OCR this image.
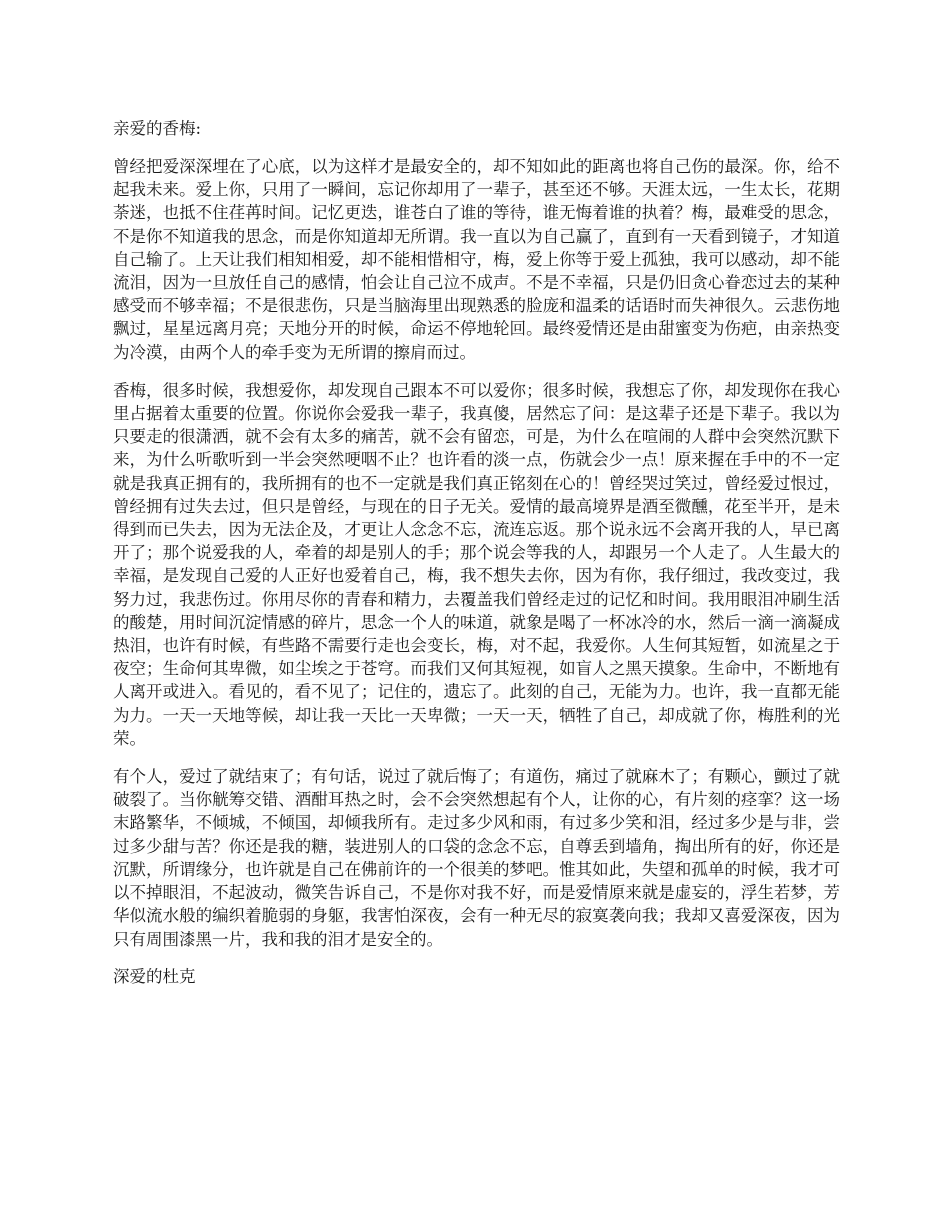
亲爱的香梅:

曾经把爱深深埋在了心底，以为这样才是最安全的，却不知如此的距离也将自己伤的最深。你，给不起我未来。爱上你，只用了一瞬间，忘记你却用了一辈子，甚至还不够。天涯太远，一生太长，花期荼迷，也抵不住荏苒时间。记忆更迭，谁苍白了谁的等待，谁无悔着谁的执着？梅，最难受的思念，不是你不知道我的思念，而是你知道却无所谓。我一直以为自己赢了，直到有一天看到镜子，才知道自己输了。上天让我们相知相爱，却不能相惜相守，梅，爱上你等于爱上孤独，我可以感动，却不能流泪，因为一旦放任自己的感情，怕会让自己泣不成声。不是不幸福，只是仍旧贪心眷恋过去的某种感受而不够幸福；不是很悲伤，只是当脑海里出现熟悉的脸庞和温柔的话语时而失神很久。云悲伤地飘过，星星远离月亮；天地分开的时候，命运不停地轮回。最终爱情还是由甜蜜变为伤疤，由亲热变为冷漠，由两个人的牵手变为无所谓的擦肩而过。

香梅，很多时候，我想爱你，却发现自己跟本不可以爱你；很多时候，我想忘了你，却发现你在我心里占据着太重要的位置。你说你会爱我一辈子，我真傻，居然忘了问：是这辈子还是下辈子。我以为只要走的很潇洒，就不会有太多的痛苦，就不会有留恋，可是，为什么在喧闹的人群中会突然沉默下来，为什么听歌听到一半会突然哽咽不止？也许看的淡一点，伤就会少一点！原来握在手中的不一定就是我真正拥有的，我所拥有的也不一定就是我们真正铭刻在心的！曾经哭过笑过，曾经爱过恨过，曾经拥有过失去过，但只是曾经，与现在的日子无关。爱情的最高境界是酒至微醺，花至半开，是未得到而已失去，因为无法企及，才更让人念念不忘，流连忘返。那个说永远不会离开我的人，早已离开了；那个说爱我的人，牵着的却是别人的手；那个说会等我的人，却跟另一个人走了。人生最大的幸福，是发现自己爱的人正好也爱着自己，梅，我不想失去你，因为有你，我仔细过，我改变过，我努力过，我悲伤过。你用尽你的青春和精力，去覆盖我们曾经走过的记忆和时间。我用眼泪冲刷生活的酸楚，用时间沉淀情感的碎片，思念一个人的味道，就象是喝了一杯冰冷的水，然后一滴一滴凝成热泪，也许有时候，有些路不需要行走也会变长，梅，对不起，我爱你。人生何其短暂，如流星之于夜空；生命何其卑微，如尘埃之于苍穹。而我们又何其短视，如盲人之黑天摸象。生命中，不断地有人离开或进入。看见的，看不见了；记住的，遗忘了。此刻的自己，无能为力。也许，我一直都无能为力。一天一天地等候，却让我一天比一天卑微；一天一天，牺牲了自己，却成就了你，梅胜利的光荣。

有个人，爱过了就结束了；有句话，说过了就后悔了；有道伤，痛过了就麻木了；有颗心，颤过了就破裂了。当你觥筹交错、酒酣耳热之时，会不会突然想起有个人，让你的心，有片刻的痉挛？这一场末路繁华，不倾城，不倾国，却倾我所有。走过多少风和雨，有过多少笑和泪，经过多少是与非，尝过多少甜与苦？你还是我的糖，装进别人的口袋的念念不忘，自尊丢到墙角，掏出所有的好，你还是沉默，所谓缘分，也许就是自己在佛前许的一个很美的梦吧。惟其如此，失望和孤单的时候，我才可以不掉眼泪，不起波动，微笑告诉自己，不是你对我不好，而是爱情原来就是虚妄的，浮生若梦，芳华似流水般的编织着脆弱的身躯，我害怕深夜，会有一种无尽的寂寞袭向我；我却又喜爱深夜，因为只有周围漆黑一片，我和我的泪才是安全的。

深爱的杜克
